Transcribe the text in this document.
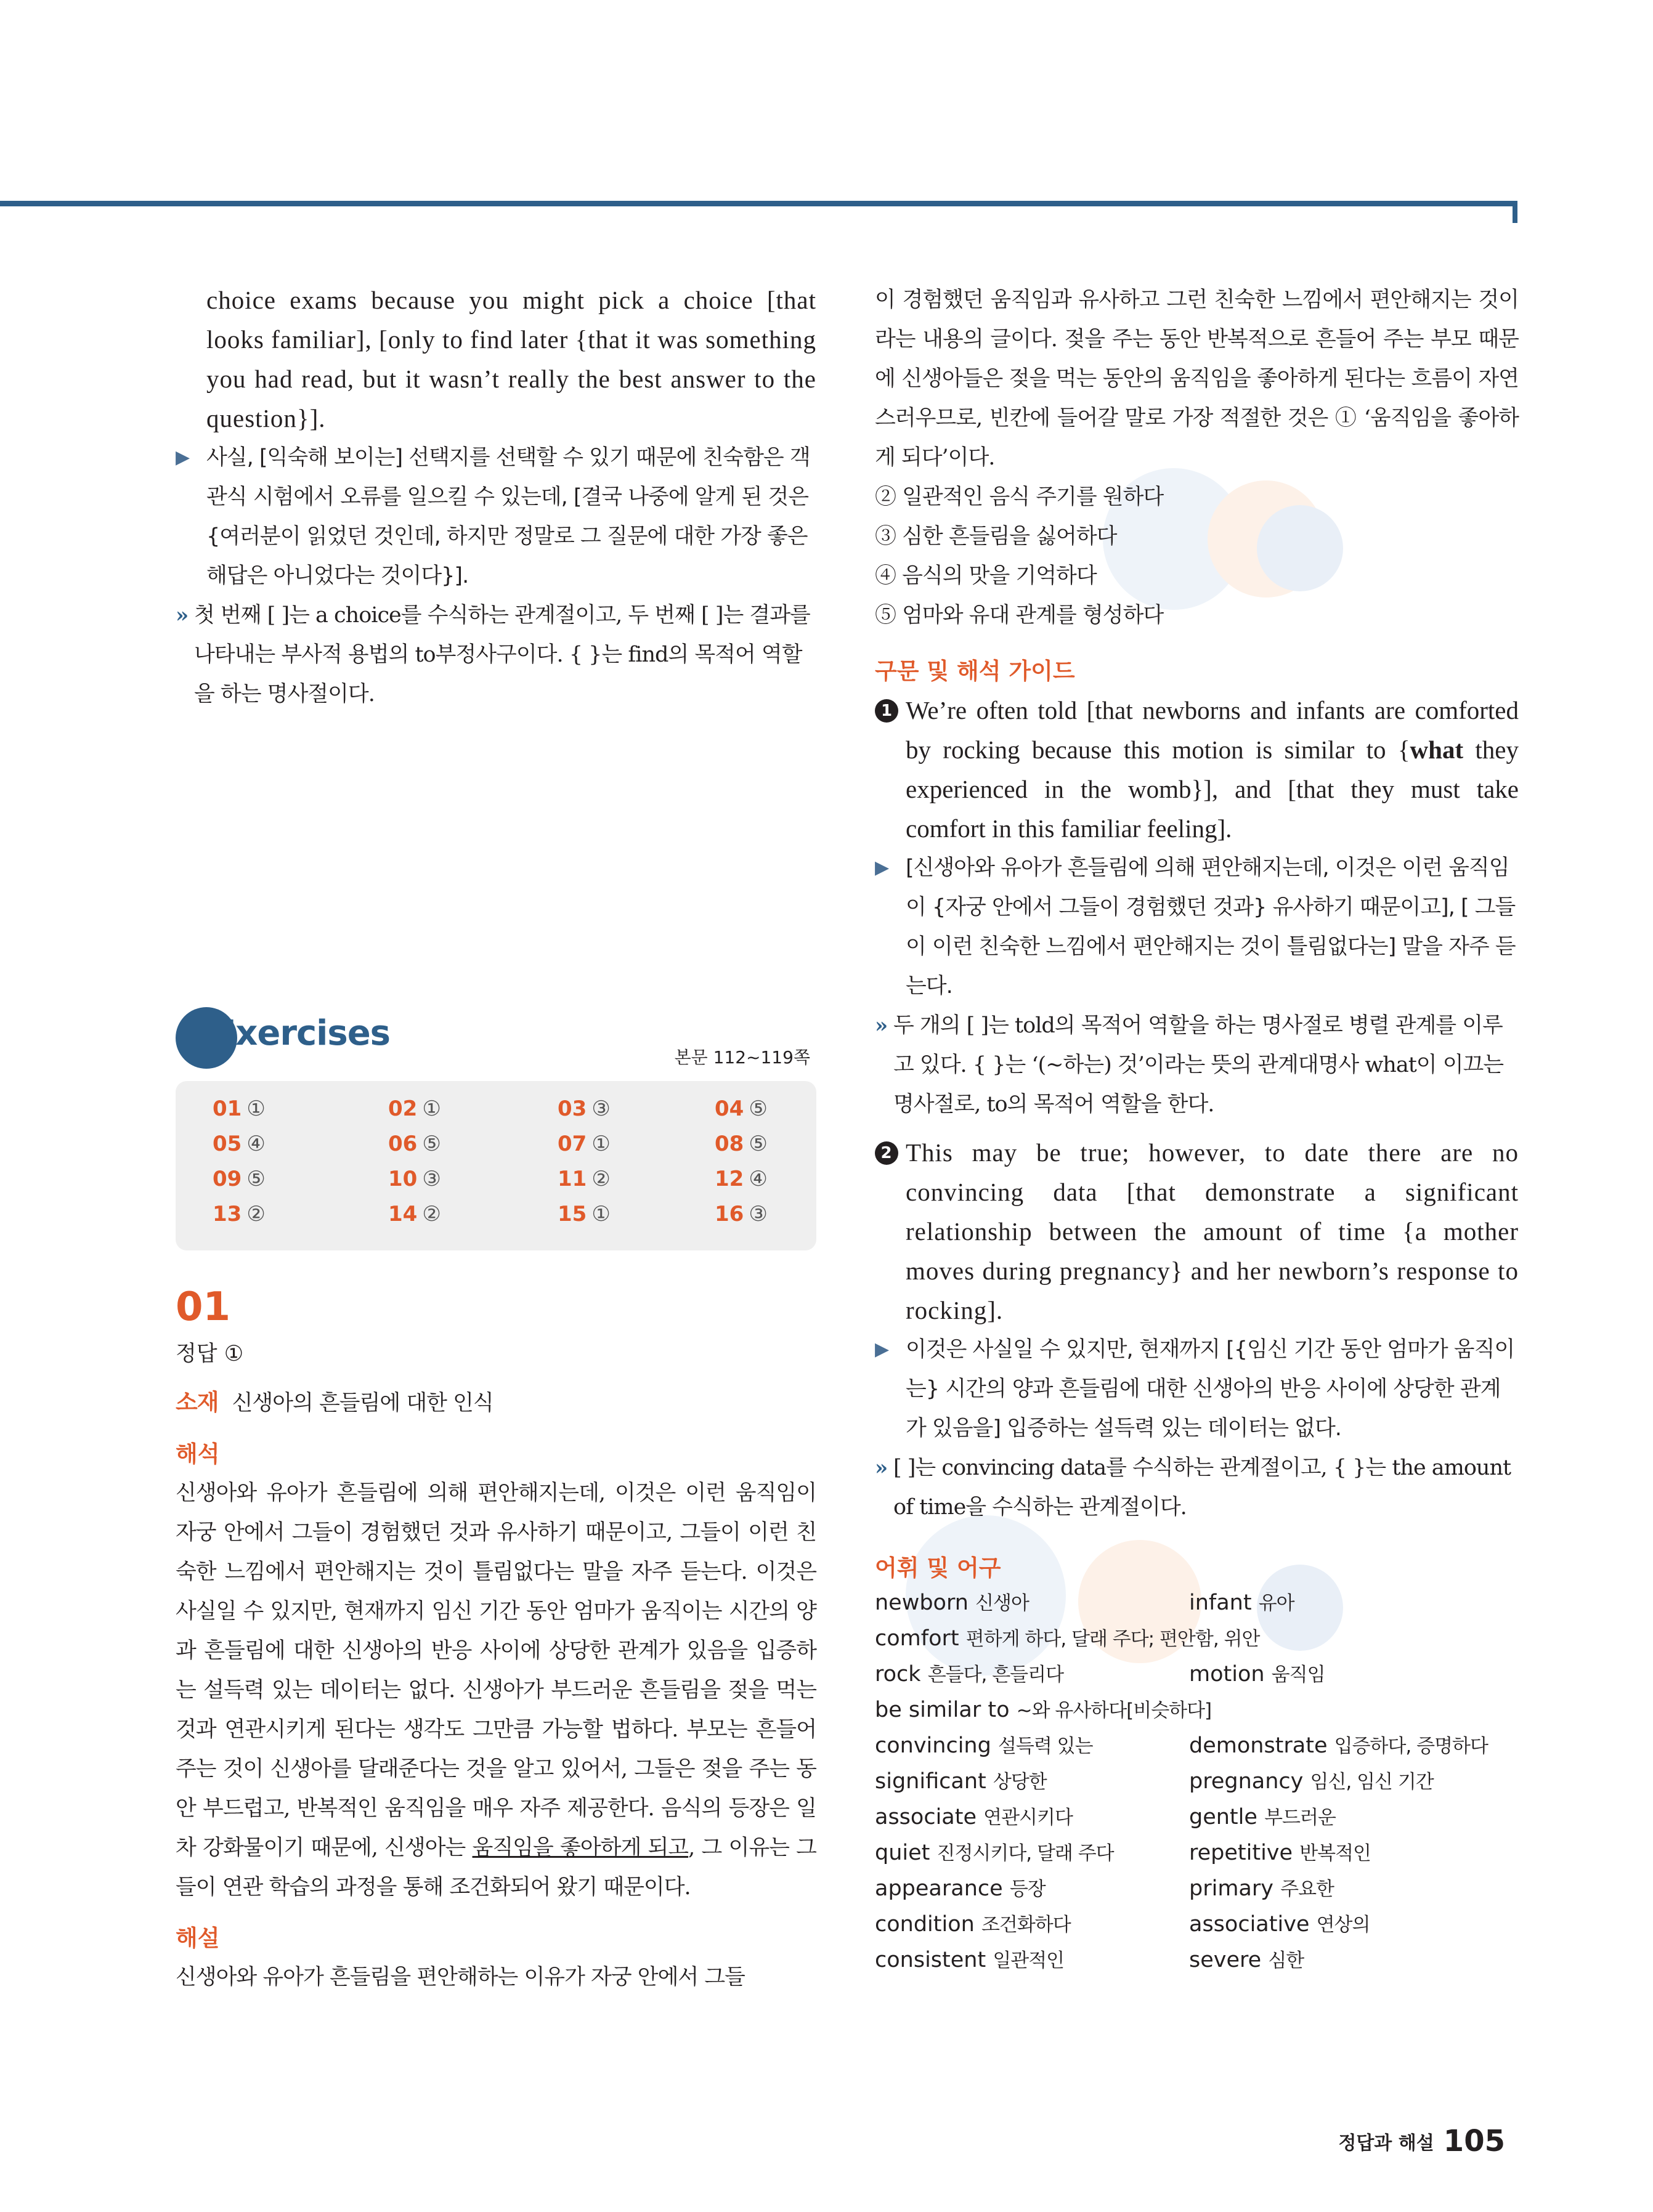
choice exams because you might pick a choice [that looks familiar], [only to find later {that it was something you had read, but it wasn’t really the best answer to the question}].
▶ 사실, [익숙해 보이는] 선택지를 선택할 수 있기 때문에 친숙함은 객관식 시험에서 오류를 일으킬 수 있는데, [결국 나중에 알게 된 것은 {여러분이 읽었던 것인데, 하지만 정말로 그 질문에 대한 가장 좋은 해답은 아니었다는 것이다}].
» 첫 번째 [ ]는 a choice를 수식하는 관계절이고, 두 번째 [ ]는 결과를 나타내는 부사적 용법의 to부정사구이다. { }는 find의 목적어 역할을 하는 명사절이다.
Exercises
본문 112~119쪽
01 ①	02 ①	03 ③	04 ⑤
05 ④	06 ⑤	07 ①	08 ⑤
09 ⑤	10 ③	11 ②	12 ④
13 ②	14 ②	15 ①	16 ③
01
정답 ①
소재 신생아의 흔들림에 대한 인식
해석
신생아와 유아가 흔들림에 의해 편안해지는데, 이것은 이런 움직임이 자궁 안에서 그들이 경험했던 것과 유사하기 때문이고, 그들이 이런 친숙한 느낌에서 편안해지는 것이 틀림없다는 말을 자주 듣는다. 이것은 사실일 수 있지만, 현재까지 임신 기간 동안 엄마가 움직이는 시간의 양과 흔들림에 대한 신생아의 반응 사이에 상당한 관계가 있음을 입증하는 설득력 있는 데이터는 없다. 신생아가 부드러운 흔들림을 젖을 먹는 것과 연관시키게 된다는 생각도 그만큼 가능할 법하다. 부모는 흔들어 주는 것이 신생아를 달래준다는 것을 알고 있어서, 그들은 젖을 주는 동안 부드럽고, 반복적인 움직임을 매우 자주 제공한다. 음식의 등장은 일차 강화물이기 때문에, 신생아는 움직임을 좋아하게 되고, 그 이유는 그들이 연관 학습의 과정을 통해 조건화되어 왔기 때문이다.
해설
신생아와 유아가 흔들림을 편안해하는 이유가 자궁 안에서 그들
이 경험했던 움직임과 유사하고 그런 친숙한 느낌에서 편안해지는 것이라는 내용의 글이다. 젖을 주는 동안 반복적으로 흔들어 주는 부모 때문에 신생아들은 젖을 먹는 동안의 움직임을 좋아하게 된다는 흐름이 자연스러우므로, 빈칸에 들어갈 말로 가장 적절한 것은 ① ‘움직임을 좋아하게 되다’이다.
② 일관적인 음식 주기를 원하다
③ 심한 흔들림을 싫어하다
④ 음식의 맛을 기억하다
⑤ 엄마와 유대 관계를 형성하다
구문 및 해석 가이드
1 We’re often told [that newborns and infants are comforted by rocking because this motion is similar to {what they experienced in the womb}], and [that they must take comfort in this familiar feeling].
▶ [신생아와 유아가 흔들림에 의해 편안해지는데, 이것은 이런 움직임이 {자궁 안에서 그들이 경험했던 것과} 유사하기 때문이고], [ 그들이 이런 친숙한 느낌에서 편안해지는 것이 틀림없다는] 말을 자주 듣는다.
» 두 개의 [ ]는 told의 목적어 역할을 하는 명사절로 병렬 관계를 이루고 있다. { }는 ‘(~하는) 것’이라는 뜻의 관계대명사 what이 이끄는 명사절로, to의 목적어 역할을 한다.
2 This may be true; however, to date there are no convincing data [that demonstrate a significant relationship between the amount of time {a mother moves during pregnancy} and her newborn’s response to rocking].
▶ 이것은 사실일 수 있지만, 현재까지 [{임신 기간 동안 엄마가 움직이는} 시간의 양과 흔들림에 대한 신생아의 반응 사이에 상당한 관계가 있음을] 입증하는 설득력 있는 데이터는 없다.
» [ ]는 convincing data를 수식하는 관계절이고, { }는 the amount of time을 수식하는 관계절이다.
어휘 및 어구
newborn 신생아	infant 유아
comfort 편하게 하다, 달래 주다; 편안함, 위안
rock 흔들다, 흔들리다	motion 움직임
be similar to ~와 유사하다[비슷하다]
convincing 설득력 있는	demonstrate 입증하다, 증명하다
significant 상당한	pregnancy 임신, 임신 기간
associate 연관시키다	gentle 부드러운
quiet 진정시키다, 달래 주다	repetitive 반복적인
appearance 등장	primary 주요한
condition 조건화하다	associative 연상의
consistent 일관적인	severe 심한
정답과 해설 105
